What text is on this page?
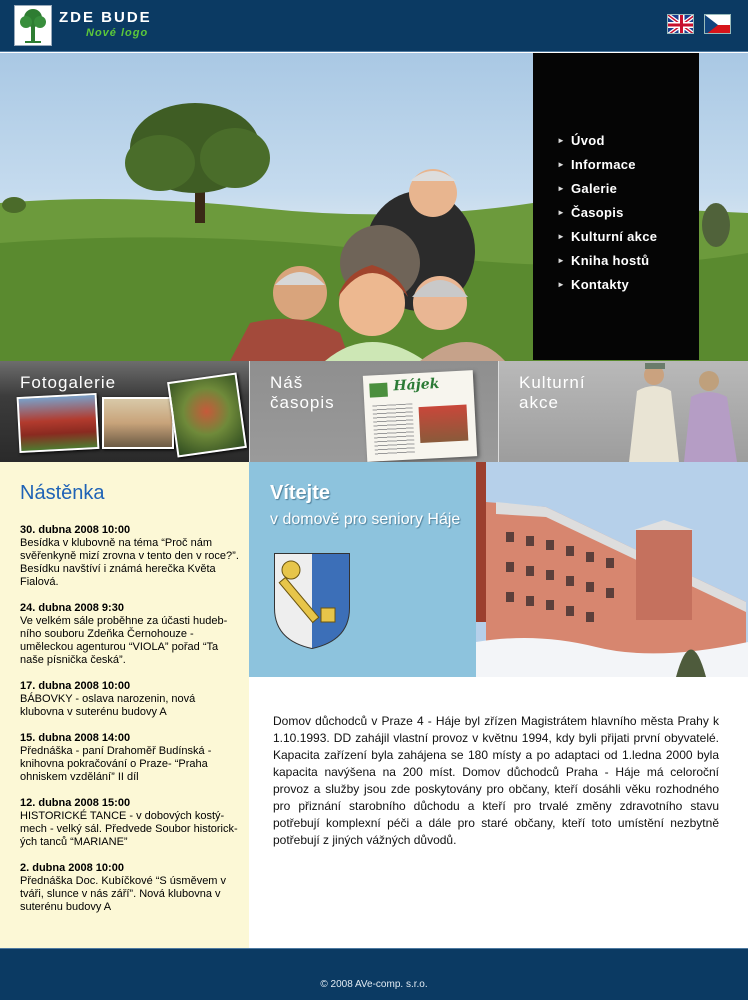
ZDE BUDE
Nové logo
► Úvod
► Informace
► Galerie
► Časopis
► Kulturní akce
► Kniha hostů
► Kontakty
Fotogalerie	Náš
časopis
Hájek	Kulturní
akce
Nástěnka
30. dubna 2008 10:00
Besídka v klubovně na téma “Proč nám svěřenkyně mizí zrovna v tento den v roce?”. Besídku navštíví i známá herečka Květa Fialová.
24. dubna 2008 9:30
Ve velkém sále proběhne za účasti hudeb-ního souboru Zdeňka Černohouze - uměleckou agenturou “VIOLA” pořad “Ta naše písnička česká”.
17. dubna 2008 10:00
BÁBOVKY - oslava narozenin, nová klubovna v suterénu budovy A
15. dubna 2008 14:00
Přednáška - paní Drahoměř Budínská - knihovna pokračování o Praze- “Praha ohniskem vzdělání” II díl
12. dubna 2008 15:00
HISTORICKÉ TANCE - v dobových kostý-mech - velký sál. Předvede Soubor historick-ých tanců “MARIANE”
2. dubna 2008 10:00
Přednáška Doc. Kubíčkové “S úsměvem v tváři, slunce v nás září”. Nová klubovna v suterénu budovy A
Vítejte
v domově pro seniory Háje
Domov důchodců v Praze 4 - Háje byl zřízen Magistrátem hlavního města Prahy k 1.10.1993. DD zahájil vlastní provoz v květnu 1994, kdy byli přijati první obyvatelé. Kapacita zařízení byla zahájena se 180 místy a po adaptaci od 1.ledna 2000 byla kapacita navýšena na 200 míst. Domov důchodců Praha - Háje má celoroční provoz a služby jsou zde poskytovány pro občany, kteří dosáhli věku rozhodného pro přiznání starobního důchodu a kteří pro trvalé změny zdravotního stavu potřebují komplexní péči a dále pro staré občany, kteří toto umístění nezbytně potřebují z jiných vážných důvodů.
© 2008 AVe-comp. s.r.o.
